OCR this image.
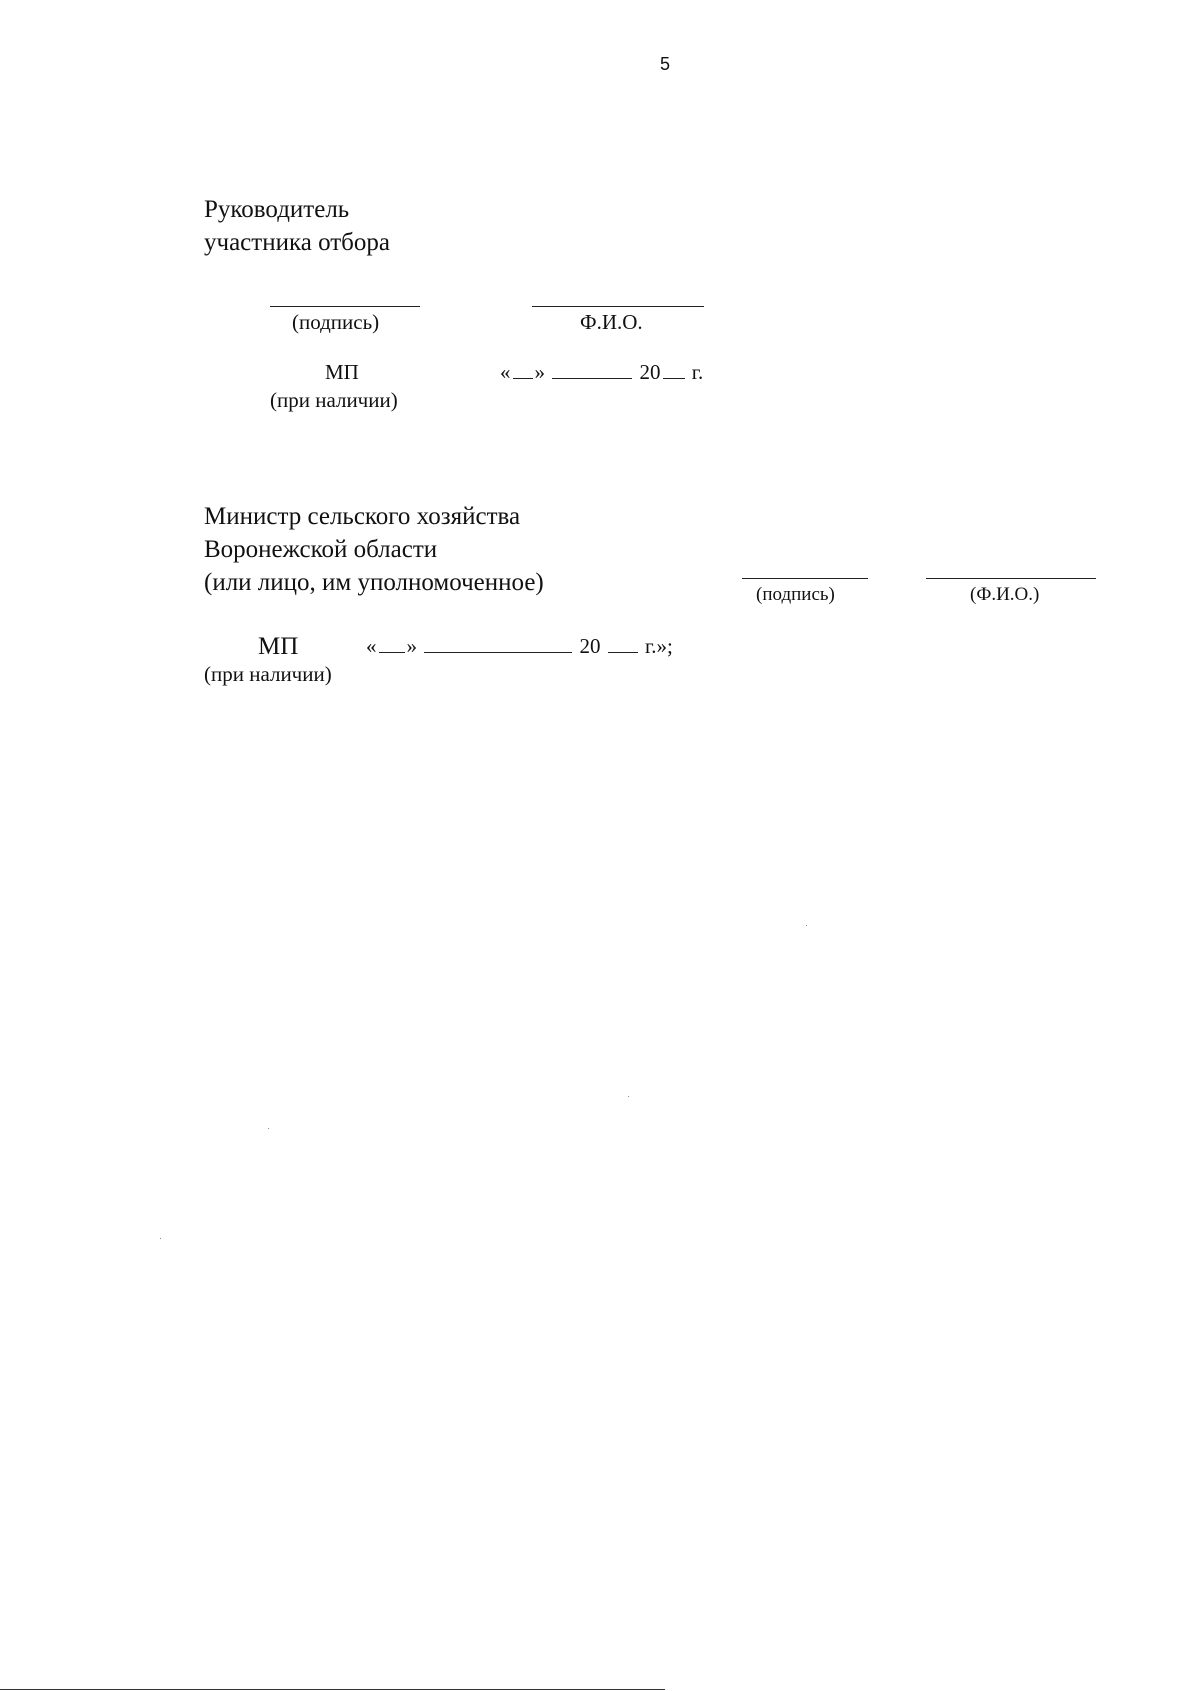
5
Руководитель
участника отбора
(подпись)	Ф.И.О.
МП
(при наличии)
« »	20 г.
Министр сельского хозяйства
Воронежской области
(или лицо, им уполномоченное)	(подпись)	(Ф.И.О.)
МП
(при наличии)
« »	20 г.»;
